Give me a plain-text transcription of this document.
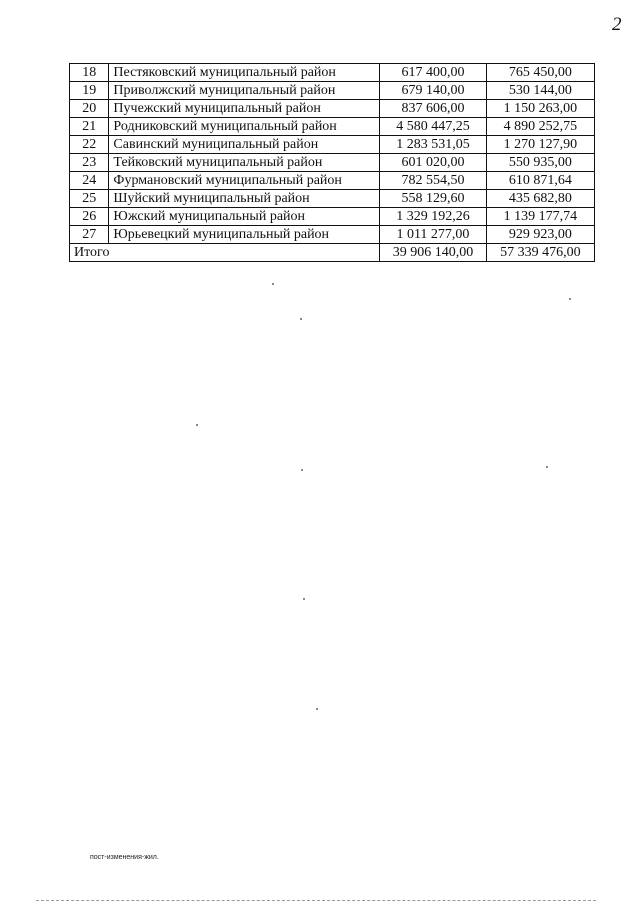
2
18	Пестяковский муниципальный район	617 400,00	765 450,00
19	Приволжский муниципальный район	679 140,00	530 144,00
20	Пучежский муниципальный район	837 606,00	1 150 263,00
21	Родниковский муниципальный район	4 580 447,25	4 890 252,75
22	Савинский муниципальный район	1 283 531,05	1 270 127,90
23	Тейковский муниципальный район	601 020,00	550 935,00
24	Фурмановский муниципальный район	782 554,50	610 871,64
25	Шуйский муниципальный район	558 129,60	435 682,80
26	Южский муниципальный район	1 329 192,26	1 139 177,74
27	Юрьевецкий муниципальный район	1 011 277,00	929 923,00
Итого		39 906 140,00	57 339 476,00
пост-изменения-жил.
